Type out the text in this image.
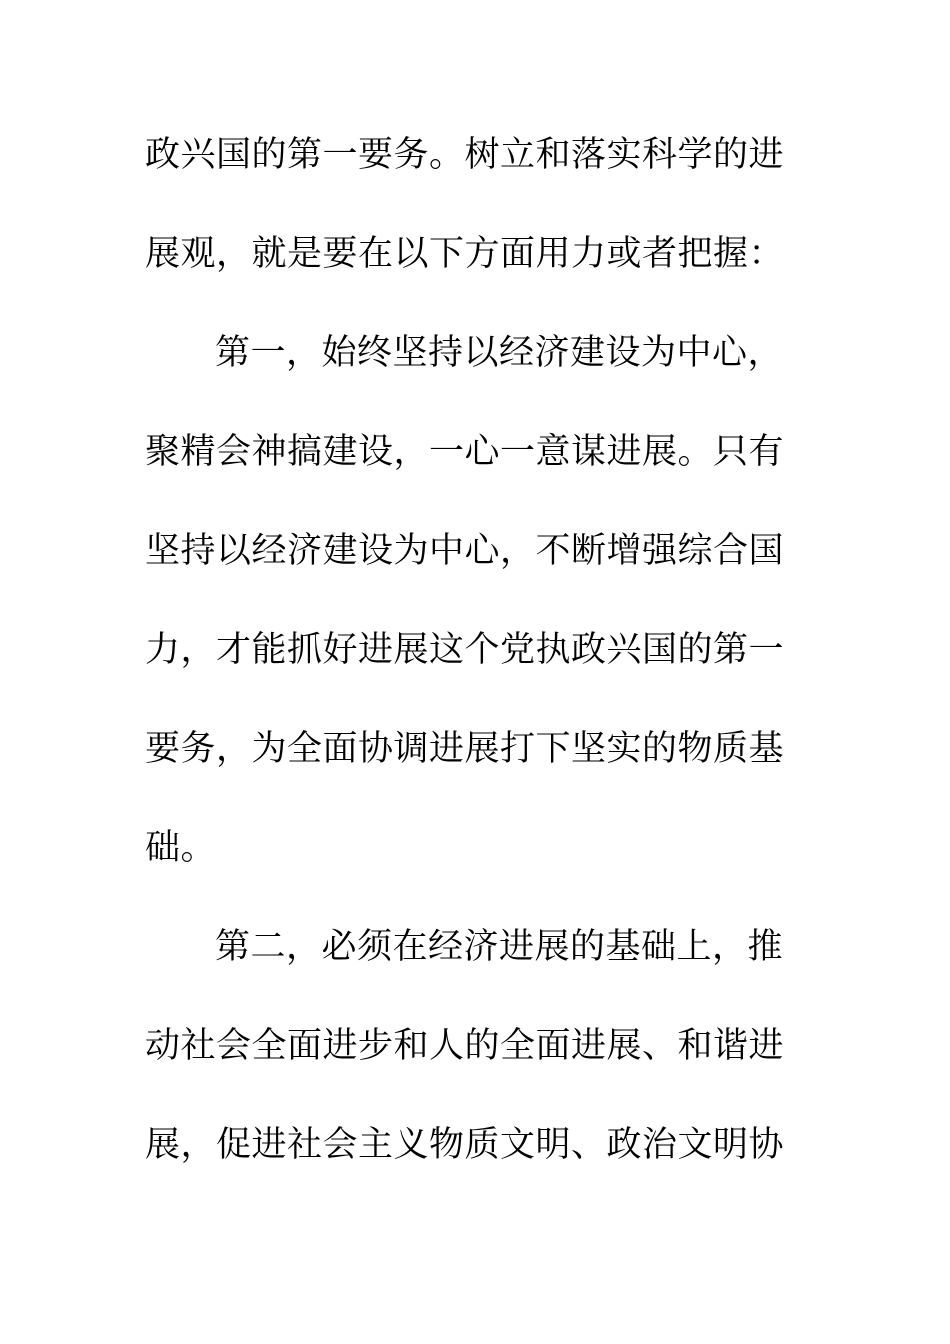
政兴国的第一要务。树立和落实科学的进

展观，就是要在以下方面用力或者把握：

第一，始终坚持以经济建设为中心，

聚精会神搞建设，一心一意谋进展。只有

坚持以经济建设为中心，不断增强综合国

力，才能抓好进展这个党执政兴国的第一

要务，为全面协调进展打下坚实的物质基

础。

第二，必须在经济进展的基础上，推

动社会全面进步和人的全面进展、和谐进

展，促进社会主义物质文明、政治文明协
